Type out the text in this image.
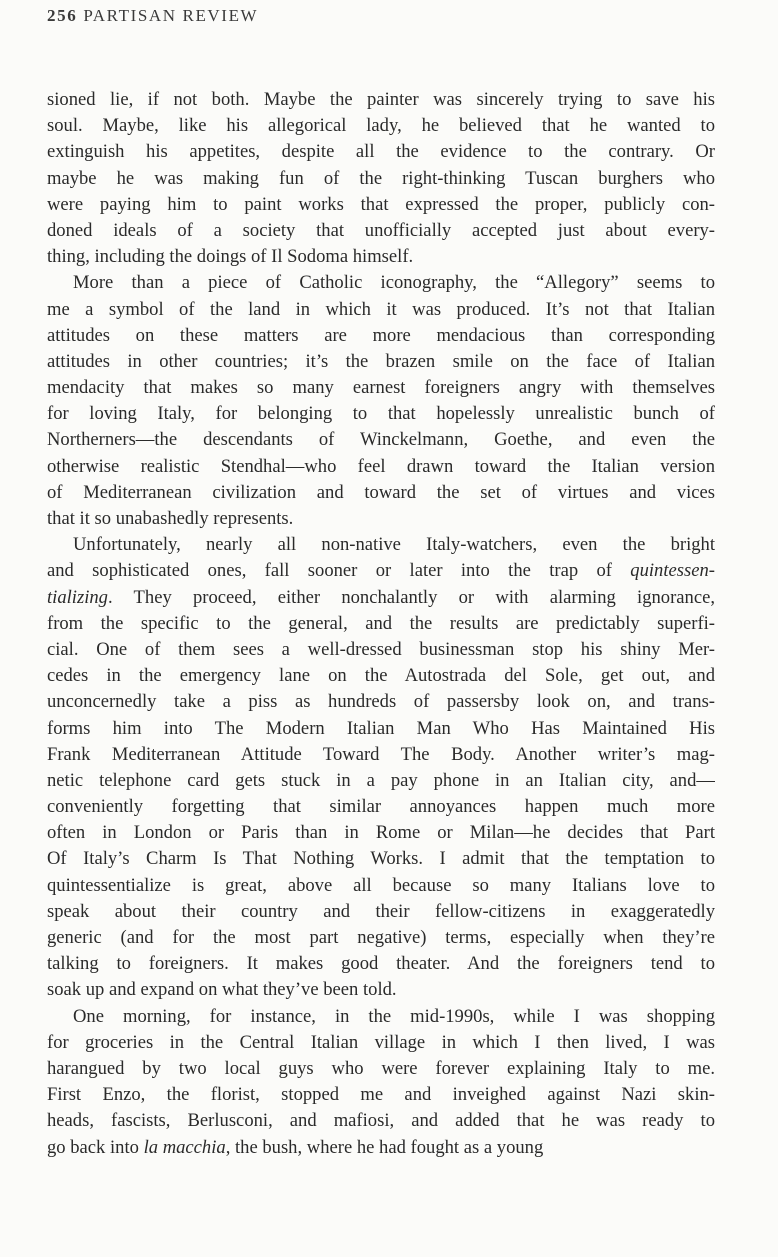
256 PARTISAN REVIEW
sioned lie, if not both. Maybe the painter was sincerely trying to save his
soul. Maybe, like his allegorical lady, he believed that he wanted to
extinguish his appetites, despite all the evidence to the contrary. Or
maybe he was making fun of the right-thinking Tuscan burghers who
were paying him to paint works that expressed the proper, publicly con-
doned ideals of a society that unofficially accepted just about every-
thing, including the doings of Il Sodoma himself.
More than a piece of Catholic iconography, the “Allegory” seems to
me a symbol of the land in which it was produced. It’s not that Italian
attitudes on these matters are more mendacious than corresponding
attitudes in other countries; it’s the brazen smile on the face of Italian
mendacity that makes so many earnest foreigners angry with themselves
for loving Italy, for belonging to that hopelessly unrealistic bunch of
Northerners—the descendants of Winckelmann, Goethe, and even the
otherwise realistic Stendhal—who feel drawn toward the Italian version
of Mediterranean civilization and toward the set of virtues and vices
that it so unabashedly represents.
Unfortunately, nearly all non-native Italy-watchers, even the bright
and sophisticated ones, fall sooner or later into the trap of quintessen-
tializing. They proceed, either nonchalantly or with alarming ignorance,
from the specific to the general, and the results are predictably superfi-
cial. One of them sees a well-dressed businessman stop his shiny Mer-
cedes in the emergency lane on the Autostrada del Sole, get out, and
unconcernedly take a piss as hundreds of passersby look on, and trans-
forms him into The Modern Italian Man Who Has Maintained His
Frank Mediterranean Attitude Toward The Body. Another writer’s mag-
netic telephone card gets stuck in a pay phone in an Italian city, and—
conveniently forgetting that similar annoyances happen much more
often in London or Paris than in Rome or Milan—he decides that Part
Of Italy’s Charm Is That Nothing Works. I admit that the temptation to
quintessentialize is great, above all because so many Italians love to
speak about their country and their fellow-citizens in exaggeratedly
generic (and for the most part negative) terms, especially when they’re
talking to foreigners. It makes good theater. And the foreigners tend to
soak up and expand on what they’ve been told.
One morning, for instance, in the mid-1990s, while I was shopping
for groceries in the Central Italian village in which I then lived, I was
harangued by two local guys who were forever explaining Italy to me.
First Enzo, the florist, stopped me and inveighed against Nazi skin-
heads, fascists, Berlusconi, and mafiosi, and added that he was ready to
go back into la macchia, the bush, where he had fought as a young
